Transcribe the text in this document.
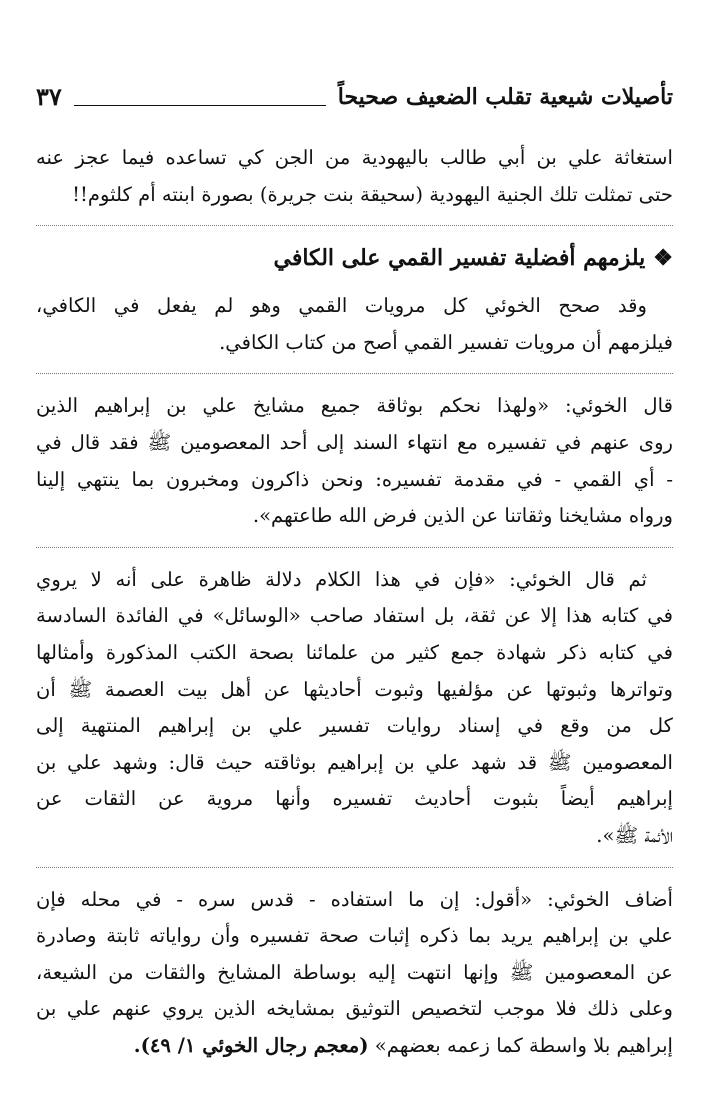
تأصيلات شيعية تقلب الضعيف صحيحاً
٣٧

استغاثة علي بن أبي طالب باليهودية من الجن كي تساعده فيما عجز عنه
حتى تمثلت تلك الجنية اليهودية (سحيقة بنت جريرة) بصورة ابنته أم كلثوم!!

❖
يلزمهم أفضلية تفسير القمي على الكافي

وقد صحح الخوئي كل مرويات القمي وهو لم يفعل في الكافي،
فيلزمهم أن مرويات تفسير القمي أصح من كتاب الكافي.

قال الخوئي: «ولهذا نحكم بوثاقة جميع مشايخ علي بن إبراهيم الذين
روى عنهم في تفسيره مع انتهاء السند إلى أحد المعصومين ﷺ فقد قال في
- أي القمي - في مقدمة تفسيره: ونحن ذاكرون ومخبرون بما ينتهي إلينا
ورواه مشايخنا وثقاتنا عن الذين فرض الله طاعتهم».

ثم قال الخوئي: «فإن في هذا الكلام دلالة ظاهرة على أنه لا يروي
في كتابه هذا إلا عن ثقة، بل استفاد صاحب «الوسائل» في الفائدة السادسة
في كتابه ذكر شهادة جمع كثير من علمائنا بصحة الكتب المذكورة وأمثالها
وتواترها وثبوتها عن مؤلفيها وثبوت أحاديثها عن أهل بيت العصمة ﷺ أن
كل من وقع في إسناد روايات تفسير علي بن إبراهيم المنتهية إلى
المعصومين ﷺ قد شهد علي بن إبراهيم بوثاقته حيث قال: وشهد علي بن
إبراهيم أيضاً بثبوت أحاديث تفسيره وأنها مروية عن الثقات عن
الأئمة ﷺ».

أضاف الخوئي: «أقول: إن ما استفاده - قدس سره - في محله فإن
علي بن إبراهيم يريد بما ذكره إثبات صحة تفسيره وأن رواياته ثابتة وصادرة
عن المعصومين ﷺ وإنها انتهت إليه بوساطة المشايخ والثقات من الشيعة،
وعلى ذلك فلا موجب لتخصيص التوثيق بمشايخه الذين يروي عنهم علي بن
إبراهيم بلا واسطة كما زعمه بعضهم» (معجم رجال الخوئي ١/ ٤٩).
